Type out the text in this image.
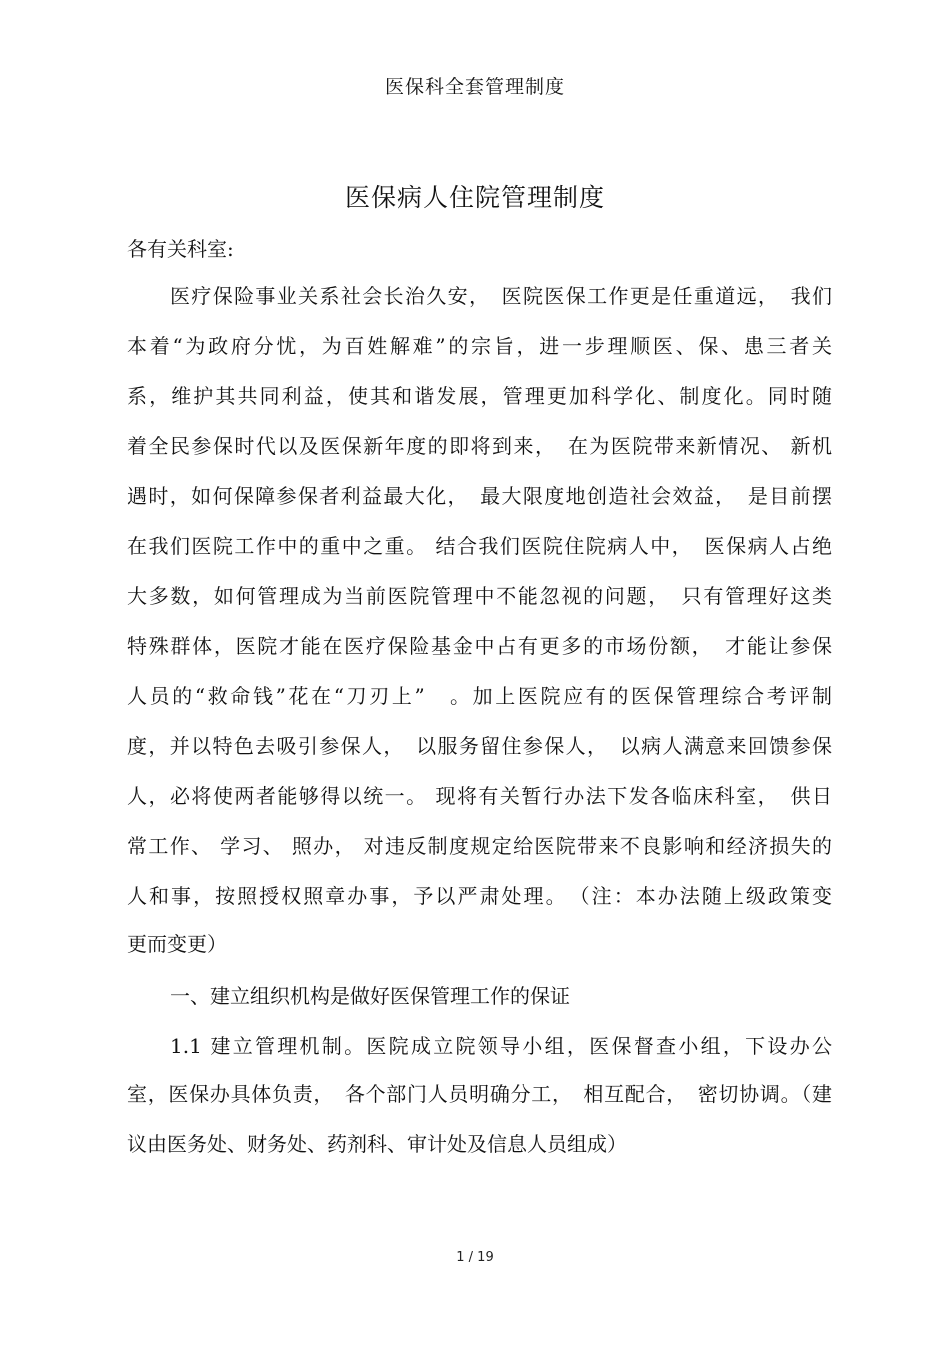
医保科全套管理制度
医保病人住院管理制度
各有关科室:
医疗保险事业关系社会长治久安，　医院医保工作更是任重道远，　我们
本着“为政府分忧，为百姓解难”的宗旨，进一步理顺医、保、患三者关
系，维护其共同利益，使其和谐发展，管理更加科学化、制度化。同时随
着全民参保时代以及医保新年度的即将到来，　在为医院带来新情况、 新机
遇时，如何保障参保者利益最大化，　最大限度地创造社会效益，　是目前摆
在我们医院工作中的重中之重。 结合我们医院住院病人中，　医保病人占绝
大多数，如何管理成为当前医院管理中不能忽视的问题，　只有管理好这类
特殊群体，医院才能在医疗保险基金中占有更多的市场份额，　才能让参保
人员的“救命钱”花在“刀刃上”　。加上医院应有的医保管理综合考评制
度，并以特色去吸引参保人，　以服务留住参保人，　以病人满意来回馈参保
人，必将使两者能够得以统一。 现将有关暂行办法下发各临床科室，　供日
常工作、 学习、 照办， 对违反制度规定给医院带来不良影响和经济损失的
人和事，按照授权照章办事，予以严肃处理。　（注：本办法随上级政策变
更而变更）
一、建立组织机构是做好医保管理工作的保证
1.1 建立管理机制。医院成立院领导小组，医保督查小组，下设办公
室，医保办具体负责，　各个部门人员明确分工，　相互配合，　密切协调。（建
议由医务处、财务处、药剂科、审计处及信息人员组成）
1 / 19
